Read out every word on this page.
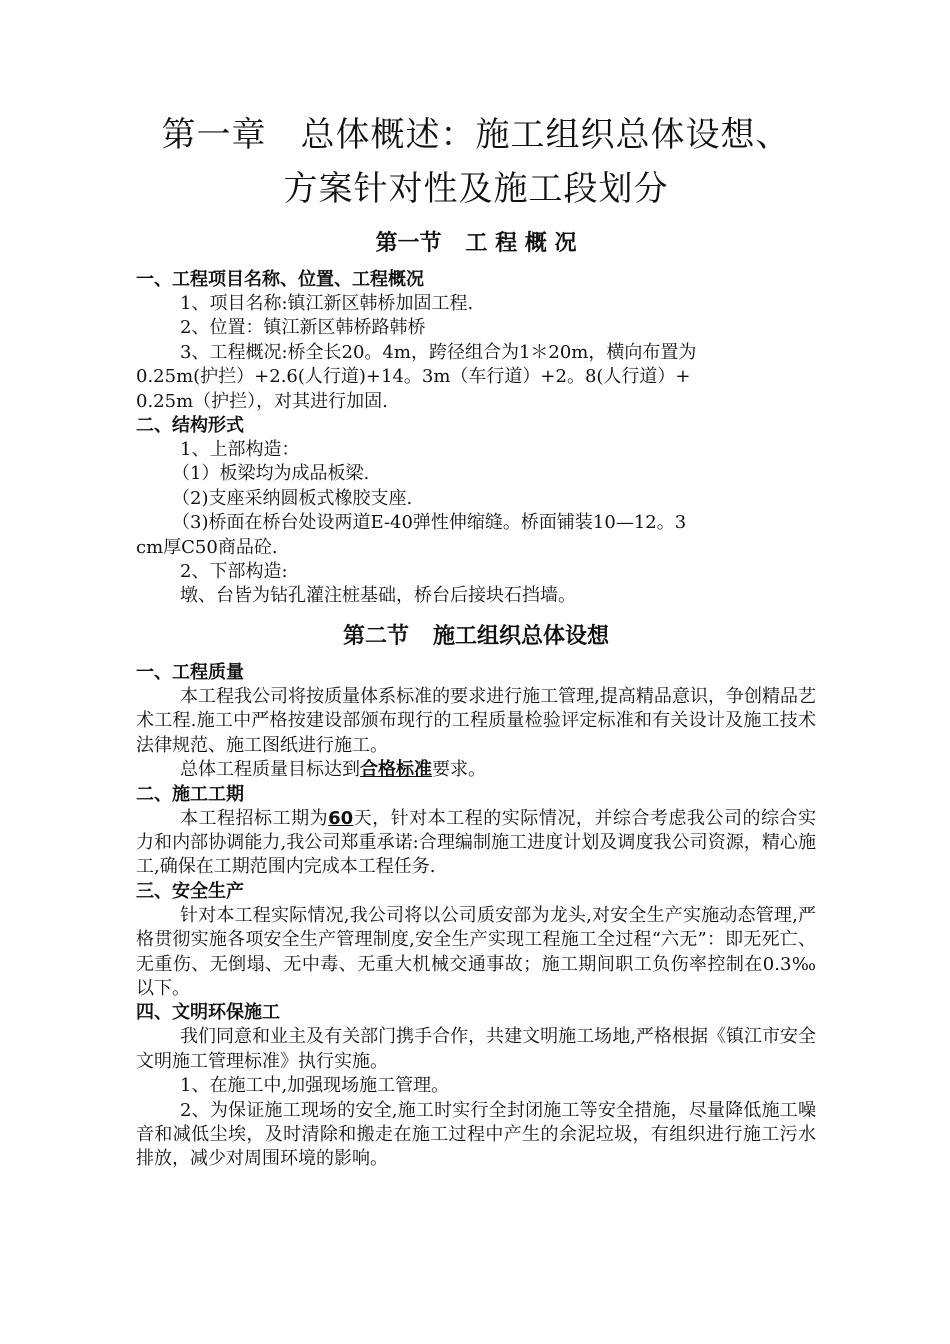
第一章 总体概述：施工组织总体设想、
方案针对性及施工段划分
第一节 工 程 概 况

一、工程项目名称、位置、工程概况

1、项目名称:镇江新区韩桥加固工程.

2、位置：镇江新区韩桥路韩桥

3、工程概况:桥全长20。4m，跨径组合为1＊20m，横向布置为

0.25m(护拦）+2.6(人行道)+14。3m（车行道）+2。8(人行道）+

0.25m（护拦），对其进行加固.

二、结构形式

1、上部构造：

（1）板梁均为成品板梁.

（2)支座采纳圆板式橡胶支座.

（3)桥面在桥台处设两道E-40弹性伸缩缝。桥面铺装10—12。3

cm厚C50商品砼.

2、下部构造:

墩、台皆为钻孔灌注桩基础，桥台后接块石挡墙。

第二节 施工组织总体设想

一、工程质量

本工程我公司将按质量体系标准的要求进行施工管理,提高精品意识，争创精品艺术工程.施工中严格按建设部颁布现行的工程质量检验评定标准和有关设计及施工技术法律规范、施工图纸进行施工。

总体工程质量目标达到合格标准要求。

二、施工工期

本工程招标工期为60天，针对本工程的实际情况，并综合考虑我公司的综合实力和内部协调能力,我公司郑重承诺:合理编制施工进度计划及调度我公司资源，精心施工,确保在工期范围内完成本工程任务.

三、安全生产

针对本工程实际情况,我公司将以公司质安部为龙头,对安全生产实施动态管理,严格贯彻实施各项安全生产管理制度,安全生产实现工程施工全过程“六无”：即无死亡、无重伤、无倒塌、无中毒、无重大机械交通事故；施工期间职工负伤率控制在0.3‰以下。

四、文明环保施工

我们同意和业主及有关部门携手合作，共建文明施工场地,严格根据《镇江市安全文明施工管理标准》执行实施。

1、在施工中,加强现场施工管理。

2、为保证施工现场的安全,施工时实行全封闭施工等安全措施，尽量降低施工噪音和减低尘埃，及时清除和搬走在施工过程中产生的余泥垃圾，有组织进行施工污水排放，减少对周围环境的影响。
